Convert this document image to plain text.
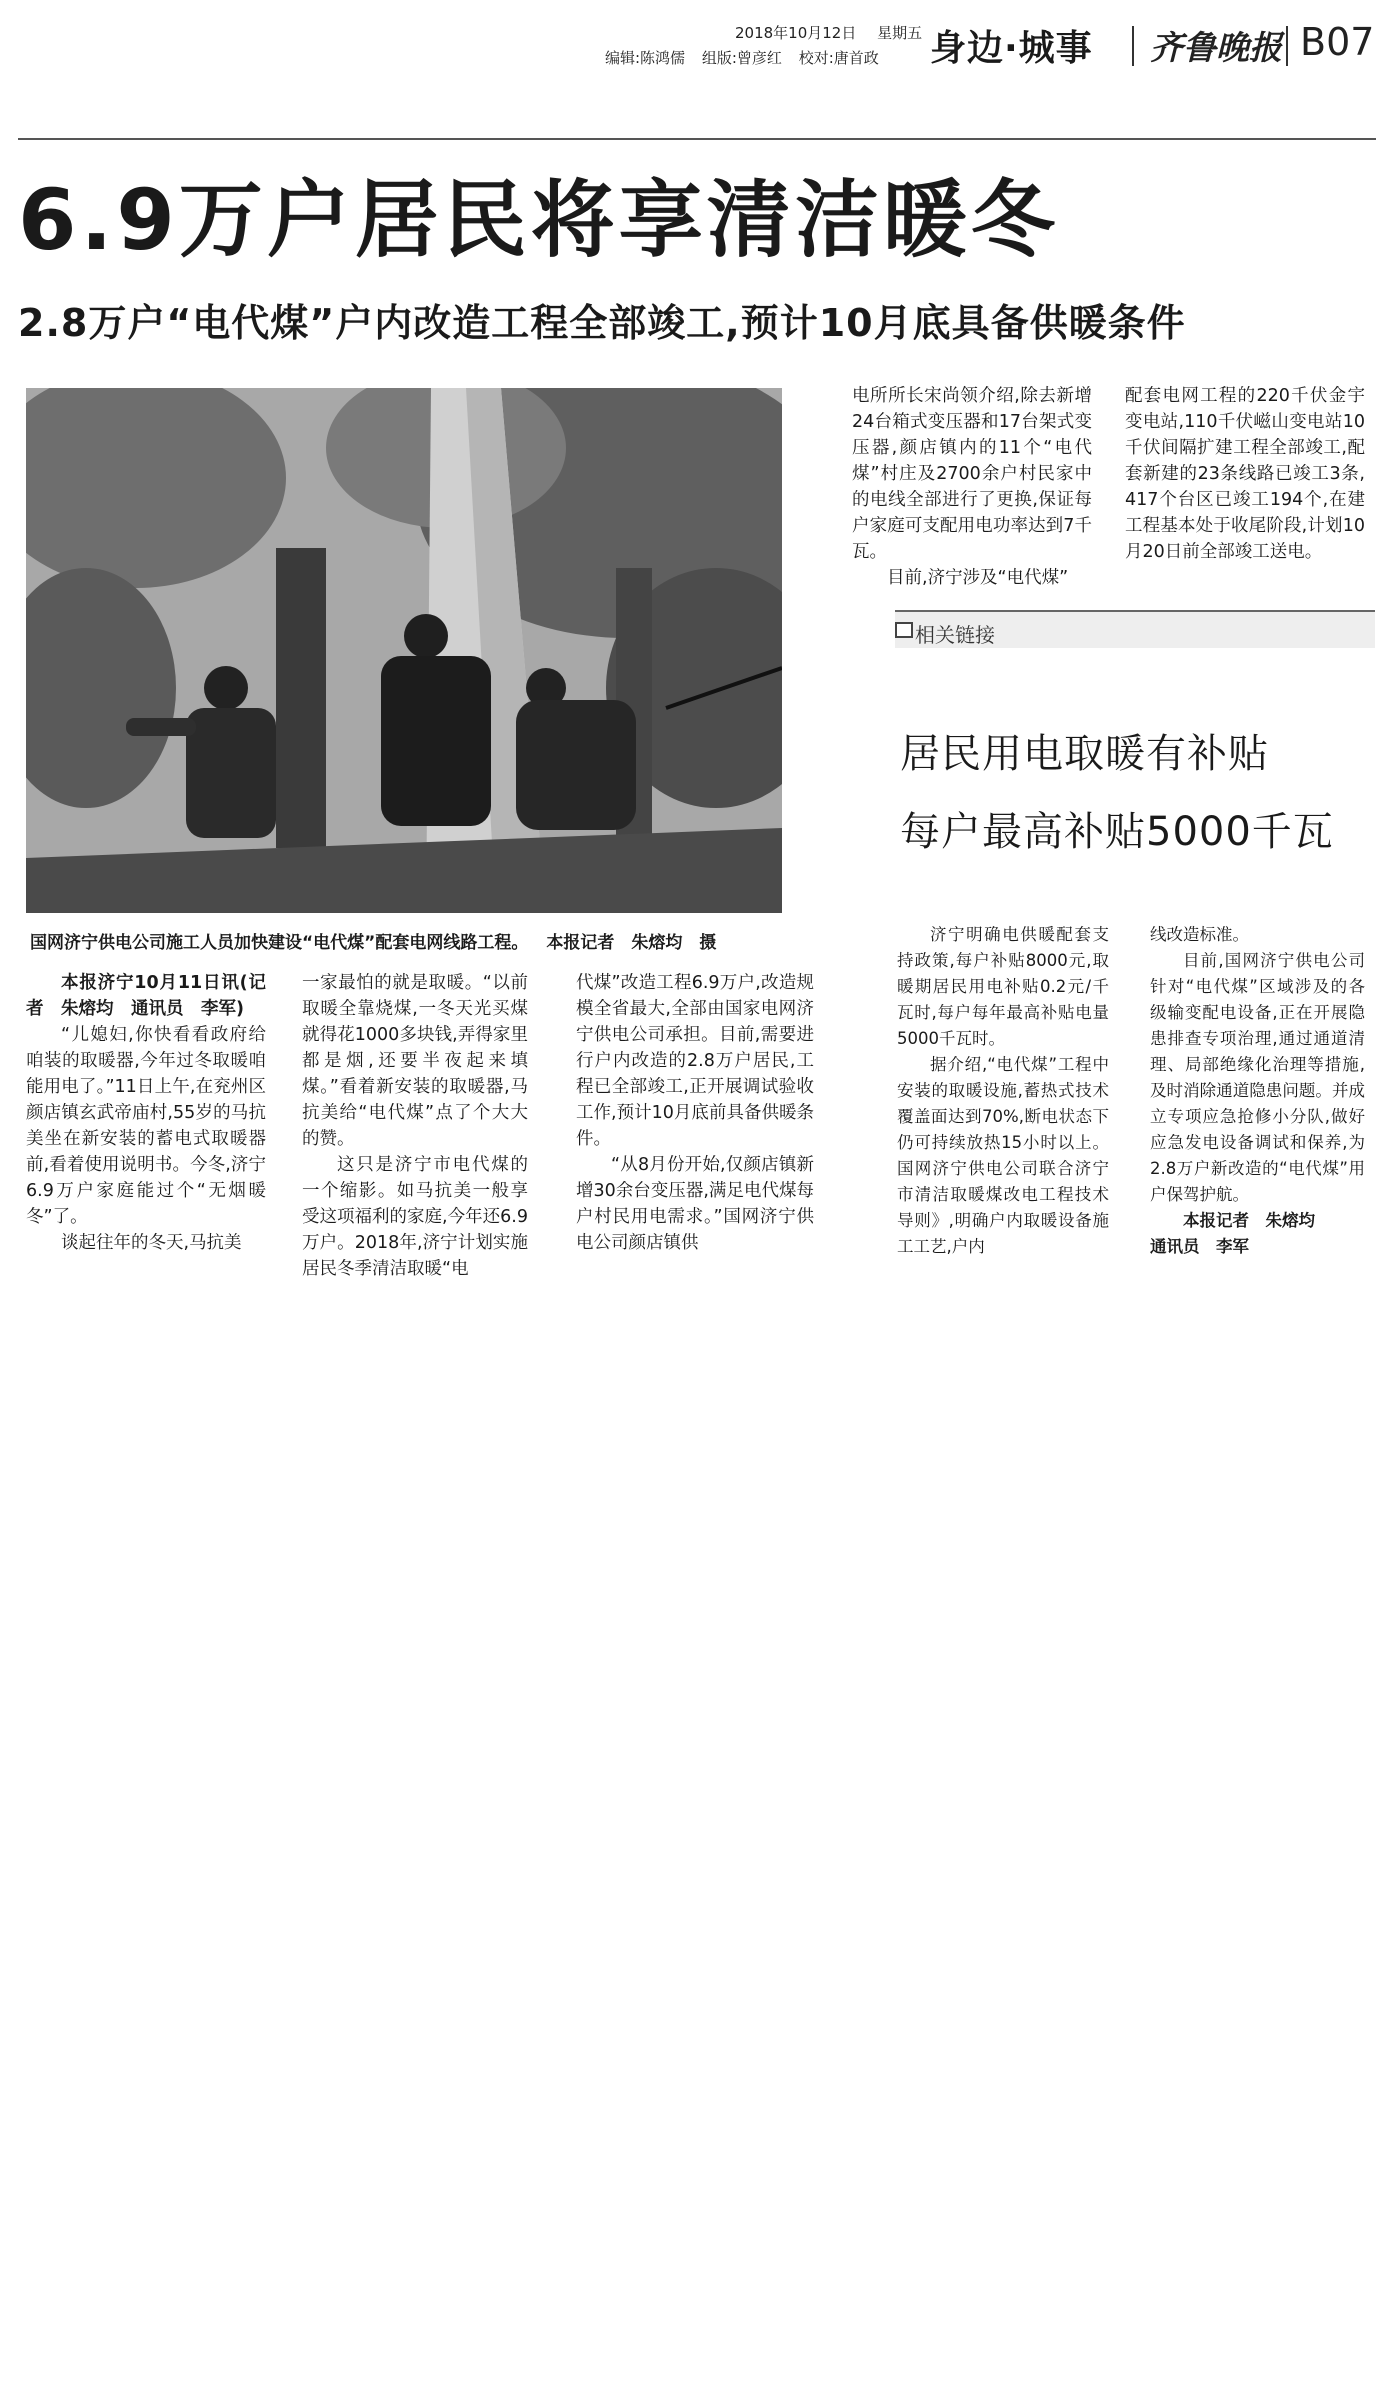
2018年10月12日 星期五
编辑:陈鸿儒 组版:曾彦红 校对:唐首政	身边·城事 齐鲁晚报 B07
6.9万户居民将享清洁暖冬
2.8万户“电代煤”户内改造工程全部竣工,预计10月底具备供暖条件
国网济宁供电公司施工人员加快建设“电代煤”配套电网线路工程。 本报记者　朱熔均　摄

本报济宁10月11日讯(记者　朱熔均　通讯员　李军)

“儿媳妇,你快看看政府给咱装的取暖器,今年过冬取暖咱能用电了。”11日上午,在兖州区颜店镇玄武帝庙村,55岁的马抗美坐在新安装的蓄电式取暖器前,看着使用说明书。今冬,济宁6.9万户家庭能过个“无烟暖冬”了。

谈起往年的冬天,马抗美

一家最怕的就是取暖。“以前取暖全靠烧煤,一冬天光买煤就得花1000多块钱,弄得家里都是烟,还要半夜起来填煤。”看着新安装的取暖器,马抗美给“电代煤”点了个大大的赞。

这只是济宁市电代煤的一个缩影。如马抗美一般享受这项福利的家庭,今年还6.9万户。2018年,济宁计划实施居民冬季清洁取暖“电

代煤”改造工程6.9万户,改造规模全省最大,全部由国家电网济宁供电公司承担。目前,需要进行户内改造的2.8万户居民,工程已全部竣工,正开展调试验收工作,预计10月底前具备供暖条件。

“从8月份开始,仅颜店镇新增30余台变压器,满足电代煤每户村民用电需求。”国网济宁供电公司颜店镇供

电所所长宋尚领介绍,除去新增24台箱式变压器和17台架式变压器,颜店镇内的11个“电代煤”村庄及2700余户村民家中的电线全部进行了更换,保证每户家庭可支配用电功率达到7千瓦。

目前,济宁涉及“电代煤”

配套电网工程的220千伏金宇变电站,110千伏嵫山变电站10千伏间隔扩建工程全部竣工,配套新建的23条线路已竣工3条,417个台区已竣工194个,在建工程基本处于收尾阶段,计划10月20日前全部竣工送电。

相关链接
居民用电取暖有补贴
每户最高补贴5000千瓦

济宁明确电供暖配套支持政策,每户补贴8000元,取暖期居民用电补贴0.2元/千瓦时,每户每年最高补贴电量5000千瓦时。

据介绍,“电代煤”工程中安装的取暖设施,蓄热式技术覆盖面达到70%,断电状态下仍可持续放热15小时以上。国网济宁供电公司联合济宁市清洁取暖煤改电工程技术导则》,明确户内取暖设备施工工艺,户内

线改造标准。

目前,国网济宁供电公司针对“电代煤”区域涉及的各级输变配电设备,正在开展隐患排查专项治理,通过通道清理、局部绝缘化治理等措施,及时消除通道隐患问题。并成立专项应急抢修小分队,做好应急发电设备调试和保养,为2.8万户新改造的“电代煤”用户保驾护航。

本报记者　朱熔均

通讯员　李军
